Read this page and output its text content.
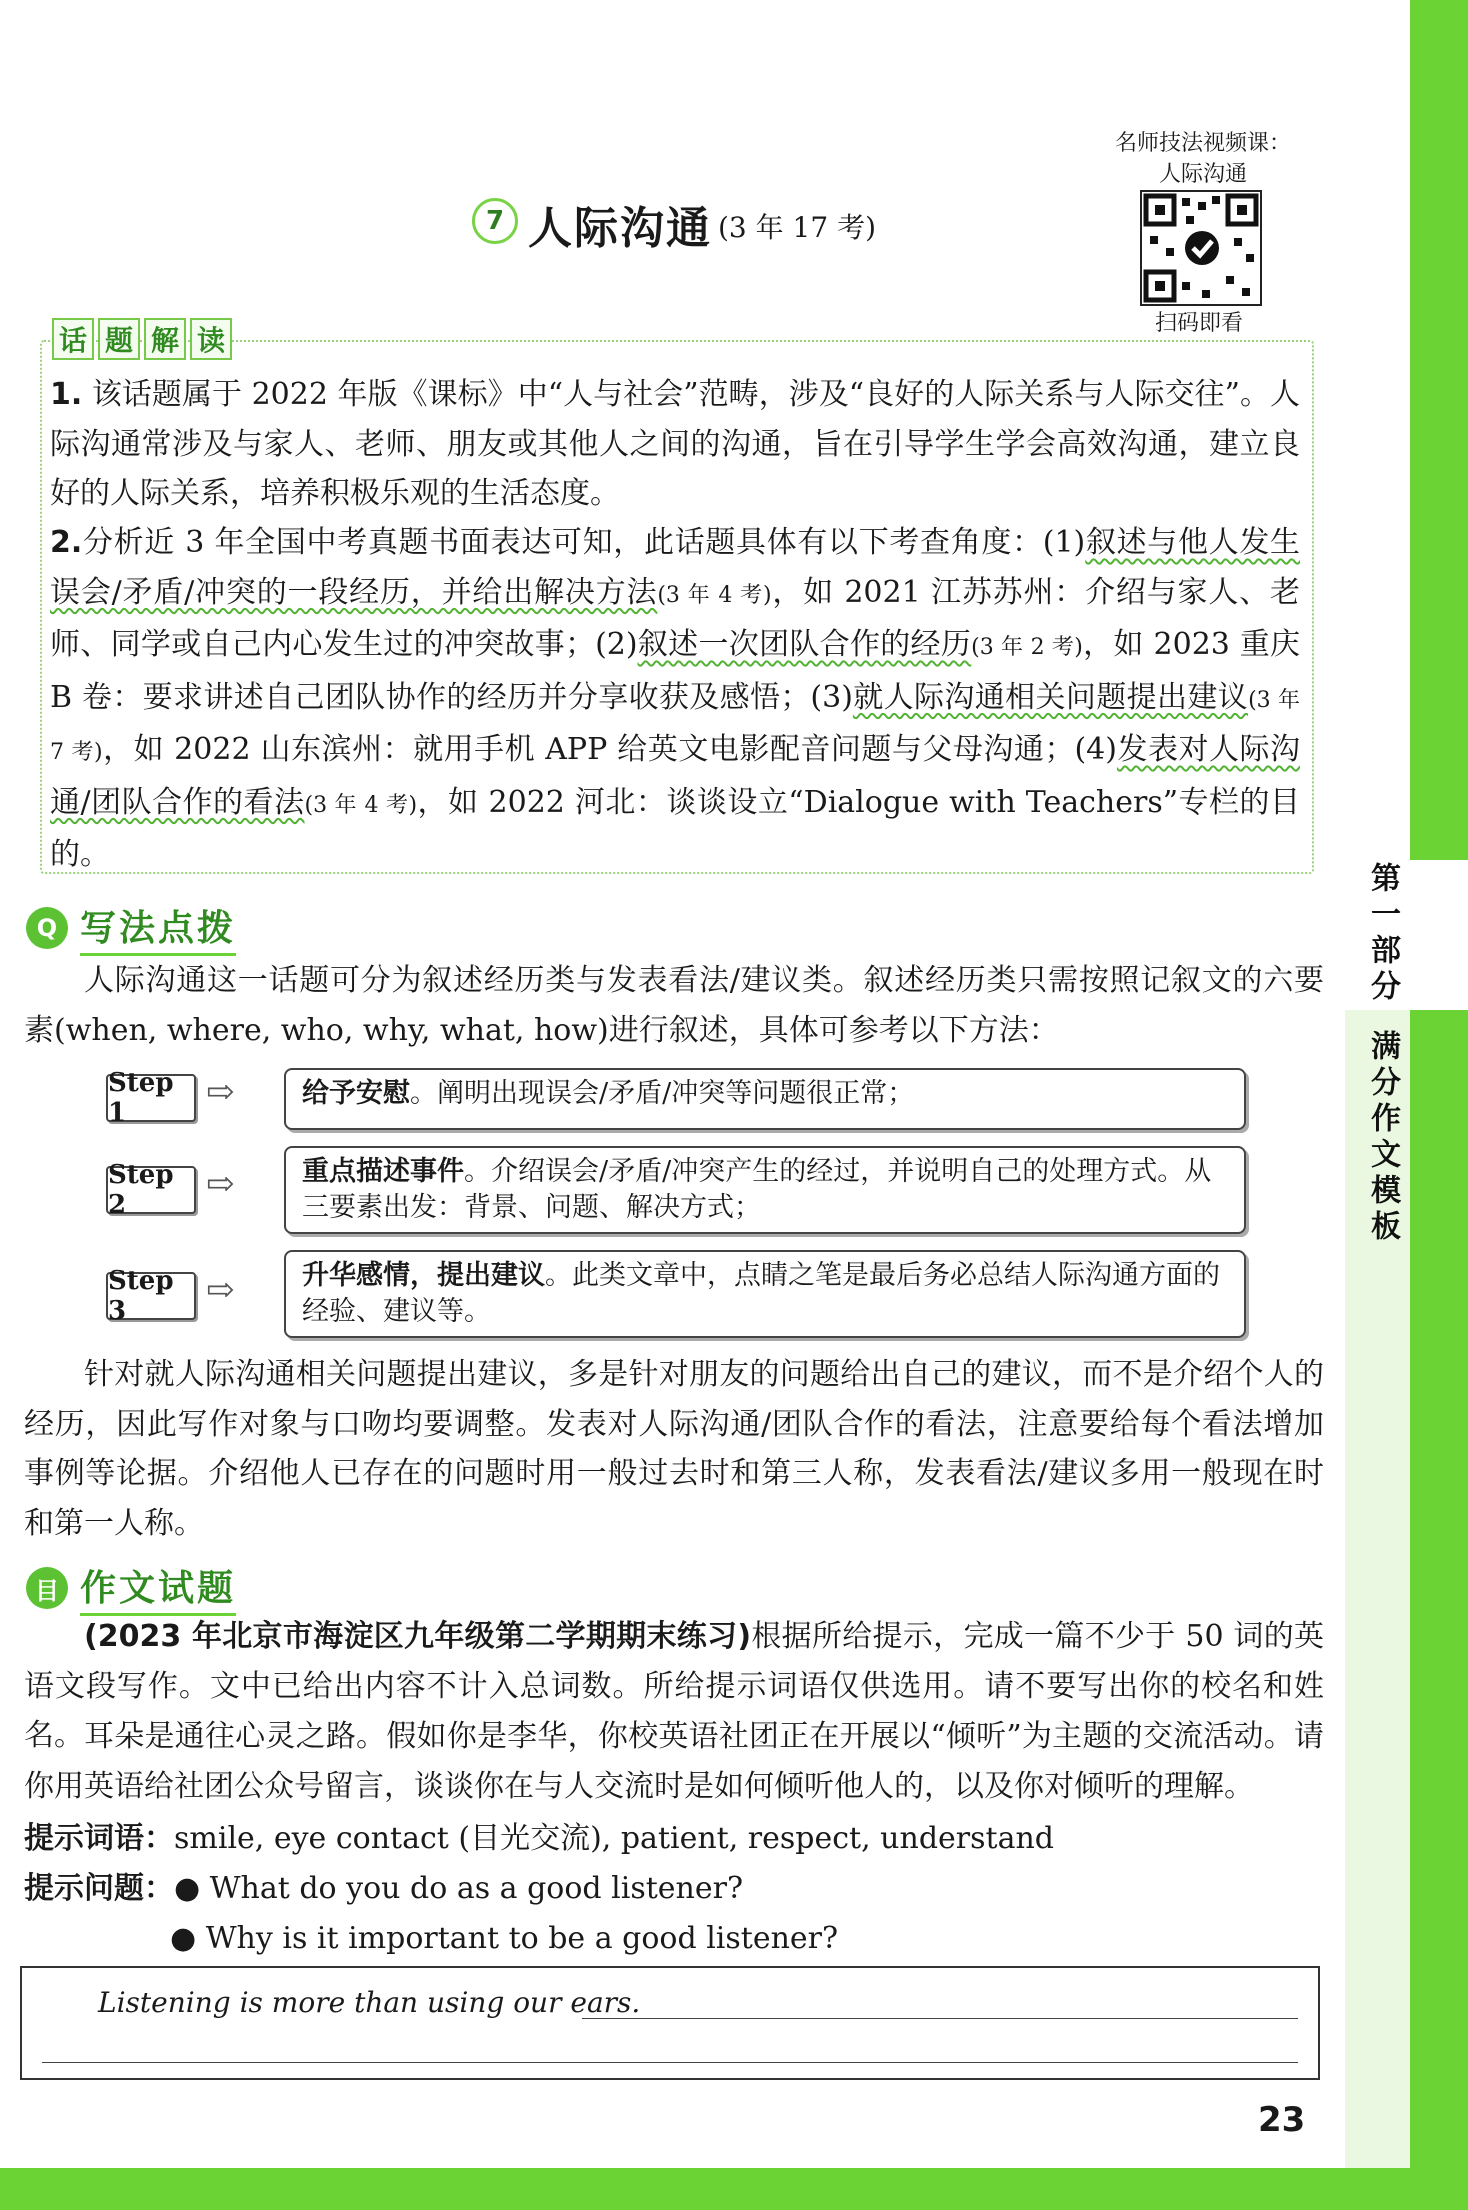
第一部分
满分作文模板
名师技法视频课：
人际沟通
扫码即看
7 人际沟通 (3 年 17 考)
话 题 解 读
1. 该话题属于 2022 年版《课标》中“人与社会”范畴，涉及“良好的人际关系与人际交往”。人际沟通常涉及与家人、老师、朋友或其他人之间的沟通，旨在引导学生学会高效沟通，建立良好的人际关系，培养积极乐观的生活态度。
2.分析近 3 年全国中考真题书面表达可知，此话题具体有以下考查角度：(1)叙述与他人发生误会/矛盾/冲突的一段经历，并给出解决方法(3 年 4 考)，如 2021 江苏苏州：介绍与家人、老师、同学或自己内心发生过的冲突故事；(2)叙述一次团队合作的经历(3 年 2 考)，如 2023 重庆 B 卷：要求讲述自己团队协作的经历并分享收获及感悟；(3)就人际沟通相关问题提出建议(3 年 7 考)，如 2022 山东滨州：就用手机 APP 给英文电影配音问题与父母沟通；(4)发表对人际沟通/团队合作的看法(3 年 4 考)，如 2022 河北：谈谈设立“Dialogue with Teachers”专栏的目的。
Q 写法点拨
人际沟通这一话题可分为叙述经历类与发表看法/建议类。叙述经历类只需按照记叙文的六要素(when, where, who, why, what, how)进行叙述，具体可参考以下方法：
Step 1
⇨	给予安慰。阐明出现误会/矛盾/冲突等问题很正常；
Step 2
⇨	重点描述事件。介绍误会/矛盾/冲突产生的经过，并说明自己的处理方式。从三要素出发：背景、问题、解决方式；
Step 3
⇨	升华感情，提出建议。此类文章中，点睛之笔是最后务必总结人际沟通方面的经验、建议等。
针对就人际沟通相关问题提出建议，多是针对朋友的问题给出自己的建议，而不是介绍个人的经历，因此写作对象与口吻均要调整。发表对人际沟通/团队合作的看法，注意要给每个看法增加事例等论据。介绍他人已存在的问题时用一般过去时和第三人称，发表看法/建议多用一般现在时和第一人称。
目 作文试题
(2023 年北京市海淀区九年级第二学期期末练习)根据所给提示，完成一篇不少于 50 词的英语文段写作。文中已给出内容不计入总词数。所给提示词语仅供选用。请不要写出你的校名和姓名。 耳朵是通往心灵之路。假如你是李华，你校英语社团正在开展以“倾听”为主题的交流活动。请你用英语给社团公众号留言，谈谈你在与人交流时是如何倾听他人的，以及你对倾听的理解。
提示词语：smile, eye contact (目光交流), patient, respect, understand
提示问题：● What do you do as a good listener?
● Why is it important to be a good listener?
Listening is more than using our ears.
23
